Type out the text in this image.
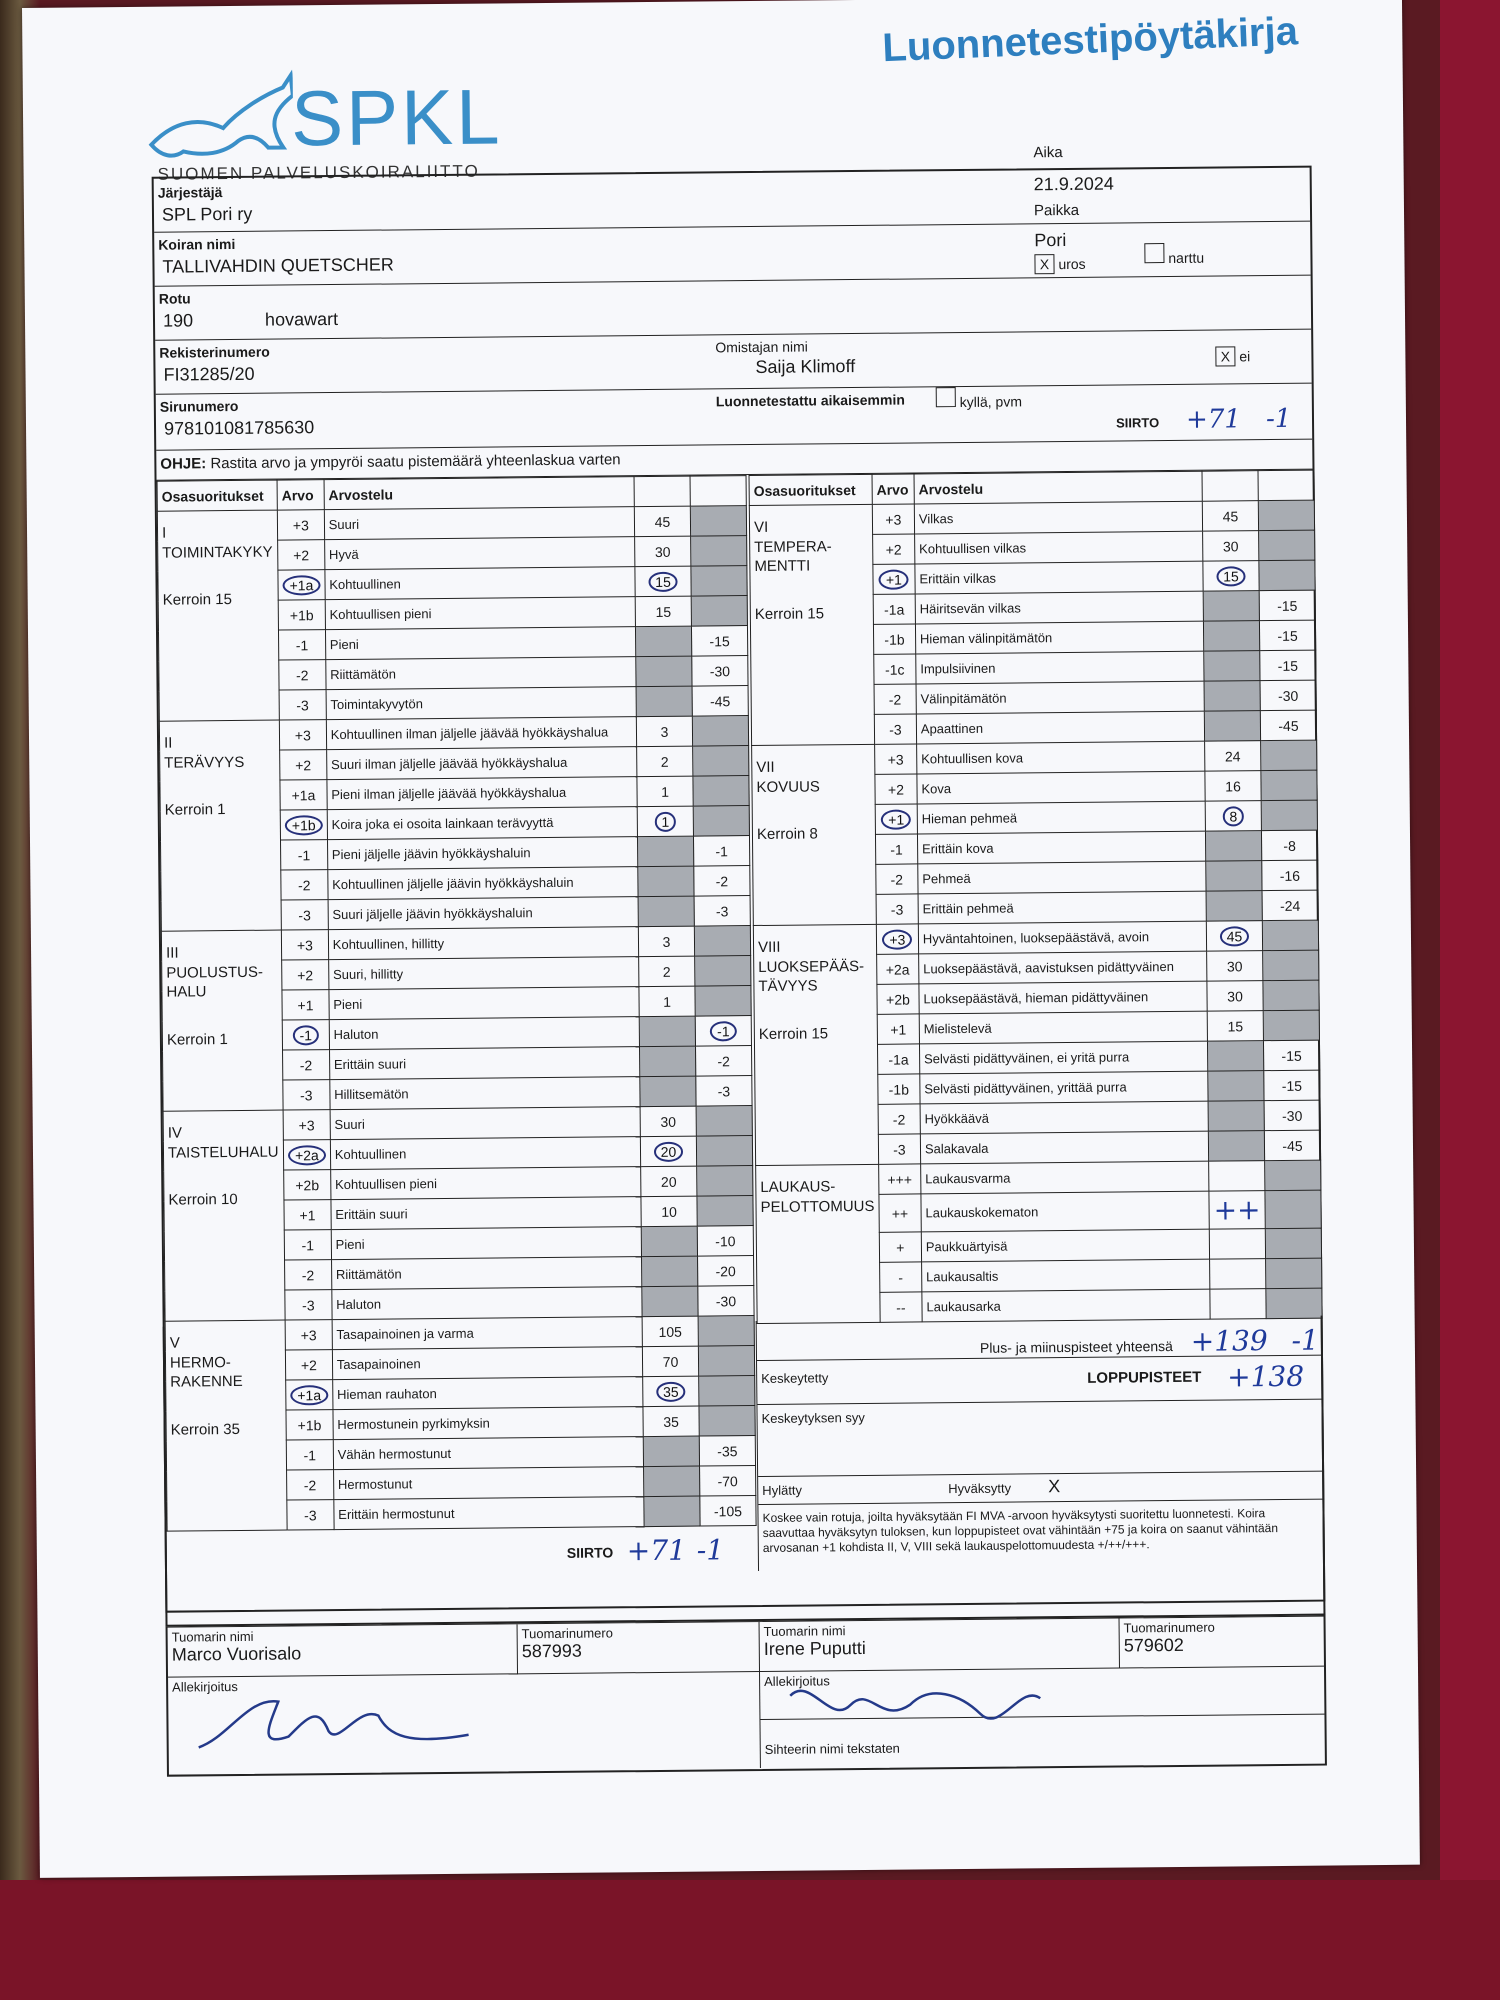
SPKL
SUOMEN PALVELUSKOIRALIITTO
Luonnetestipöytäkirja
Järjestäjä
SPL Pori ry
Aika
21.9.2024
Paikka
Koiran nimi
TALLIVAHDIN QUETSCHER
Pori
X uros	narttu
Rotu
190	hovawart
Rekisterinumero
FI31285/20
Omistajan nimi
Saija Klimoff	X ei
Sirunumero
978101081785630
Luonnetestattu aikaisemmin	kyllä, pvm
SIIRTO +71 -1
OHJE: Rastita arvo ja ympyröi saatu pistemäärä yhteenlaskua varten
Osasuoritukset	Arvo	Arvostelu		

I
TOIMINTAKYKY
Kerroin 15	+3	Suuri	45	
	+2	Hyvä	30	
	+1a	Kohtuullinen	15	
	+1b	Kohtuullisen pieni	15	
	-1	Pieni		-15
	-2	Riittämätön		-30
	-3	Toimintakyvytön		-45

II
TERÄVYYS
Kerroin 1	+3	Kohtuullinen ilman jäljelle jäävää hyökkäyshalua	3	
	+2	Suuri ilman jäljelle jäävää hyökkäyshalua	2	
	+1a	Pieni ilman jäljelle jäävää hyökkäyshalua	1	
	+1b	Koira joka ei osoita lainkaan terävyyttä	1	
	-1	Pieni jäljelle jäävin hyökkäyshaluin		-1
	-2	Kohtuullinen jäljelle jäävin hyökkäyshaluin		-2
	-3	Suuri jäljelle jäävin hyökkäyshaluin		-3

III
PUOLUSTUS-
HALU
Kerroin 1	+3	Kohtuullinen, hillitty	3	
	+2	Suuri, hillitty	2	
	+1	Pieni	1	
	-1	Haluton		-1
	-2	Erittäin suuri		-2
	-3	Hillitsemätön		-3

IV
TAISTELUHALU
Kerroin 10	+3	Suuri	30	
	+2a	Kohtuullinen	20	
	+2b	Kohtuullisen pieni	20	
	+1	Erittäin suuri	10	
	-1	Pieni		-10
	-2	Riittämätön		-20
	-3	Haluton		-30

V
HERMO-
RAKENNE
Kerroin 35	+3	Tasapainoinen ja varma	105	
	+2	Tasapainoinen	70	
	+1a	Hieman rauhaton	35	
	+1b	Hermostunein pyrkimyksin	35	
	-1	Vähän hermostunut		-35
	-2	Hermostunut		-70
	-3	Erittäin hermostunut		-105
Osasuoritukset	Arvo	Arvostelu		

VI
TEMPERA-
MENTTI
Kerroin 15	+3	Vilkas	45	
	+2	Kohtuullisen vilkas	30	
	+1	Erittäin vilkas	15	
	-1a	Häiritsevän vilkas		-15
	-1b	Hieman välinpitämätön		-15
	-1c	Impulsiivinen		-15
	-2	Välinpitämätön		-30
	-3	Apaattinen		-45

VII
KOVUUS
Kerroin 8	+3	Kohtuullisen kova	24	
	+2	Kova	16	
	+1	Hieman pehmeä	8	
	-1	Erittäin kova		-8
	-2	Pehmeä		-16
	-3	Erittäin pehmeä		-24

VIII
LUOKSEPÄÄS-
TÄVYYS
Kerroin 15	+3	Hyväntahtoinen, luoksepäästävä, avoin	45	
	+2a	Luoksepäästävä, aavistuksen pidättyväinen	30	
	+2b	Luoksepäästävä, hieman pidättyväinen	30	
	+1	Mielistelevä	15	
	-1a	Selvästi pidättyväinen, ei yritä purra		-15
	-1b	Selvästi pidättyväinen, yrittää purra		-15
	-2	Hyökkäävä		-30
	-3	Salakavala		-45

LAUKAUS-
PELOTTOMUUS	+++	Laukausvarma		
	++	Laukauskokematon	++	
	+	Paukkuärtyisä		
	-	Laukausaltis		
	--	Laukausarka		
Plus- ja miinuspisteet yhteensä +139 -1
Keskeytetty	LOPPUPISTEET +138
Keskeytyksen syy
Hylätty	Hyväksytty X
Koskee vain rotuja, joilta hyväksytään FI MVA -arvoon hyväksytysti suoritettu luonnetesti. Koira saavuttaa hyväksytyn tuloksen, kun loppupisteet ovat vähintään +75 ja koira on saanut vähintään arvosanan +1 kohdista II, V, VIII sekä laukauspelottomuudesta +/++/+++.
SIIRTO +71 -1
Tuomarin nimi
Marco Vuorisalo
Tuomarinumero
587993
Allekirjoitus
Tuomarin nimi
Irene Puputti
Tuomarinumero
579602
Allekirjoitus
Sihteerin nimi tekstaten
